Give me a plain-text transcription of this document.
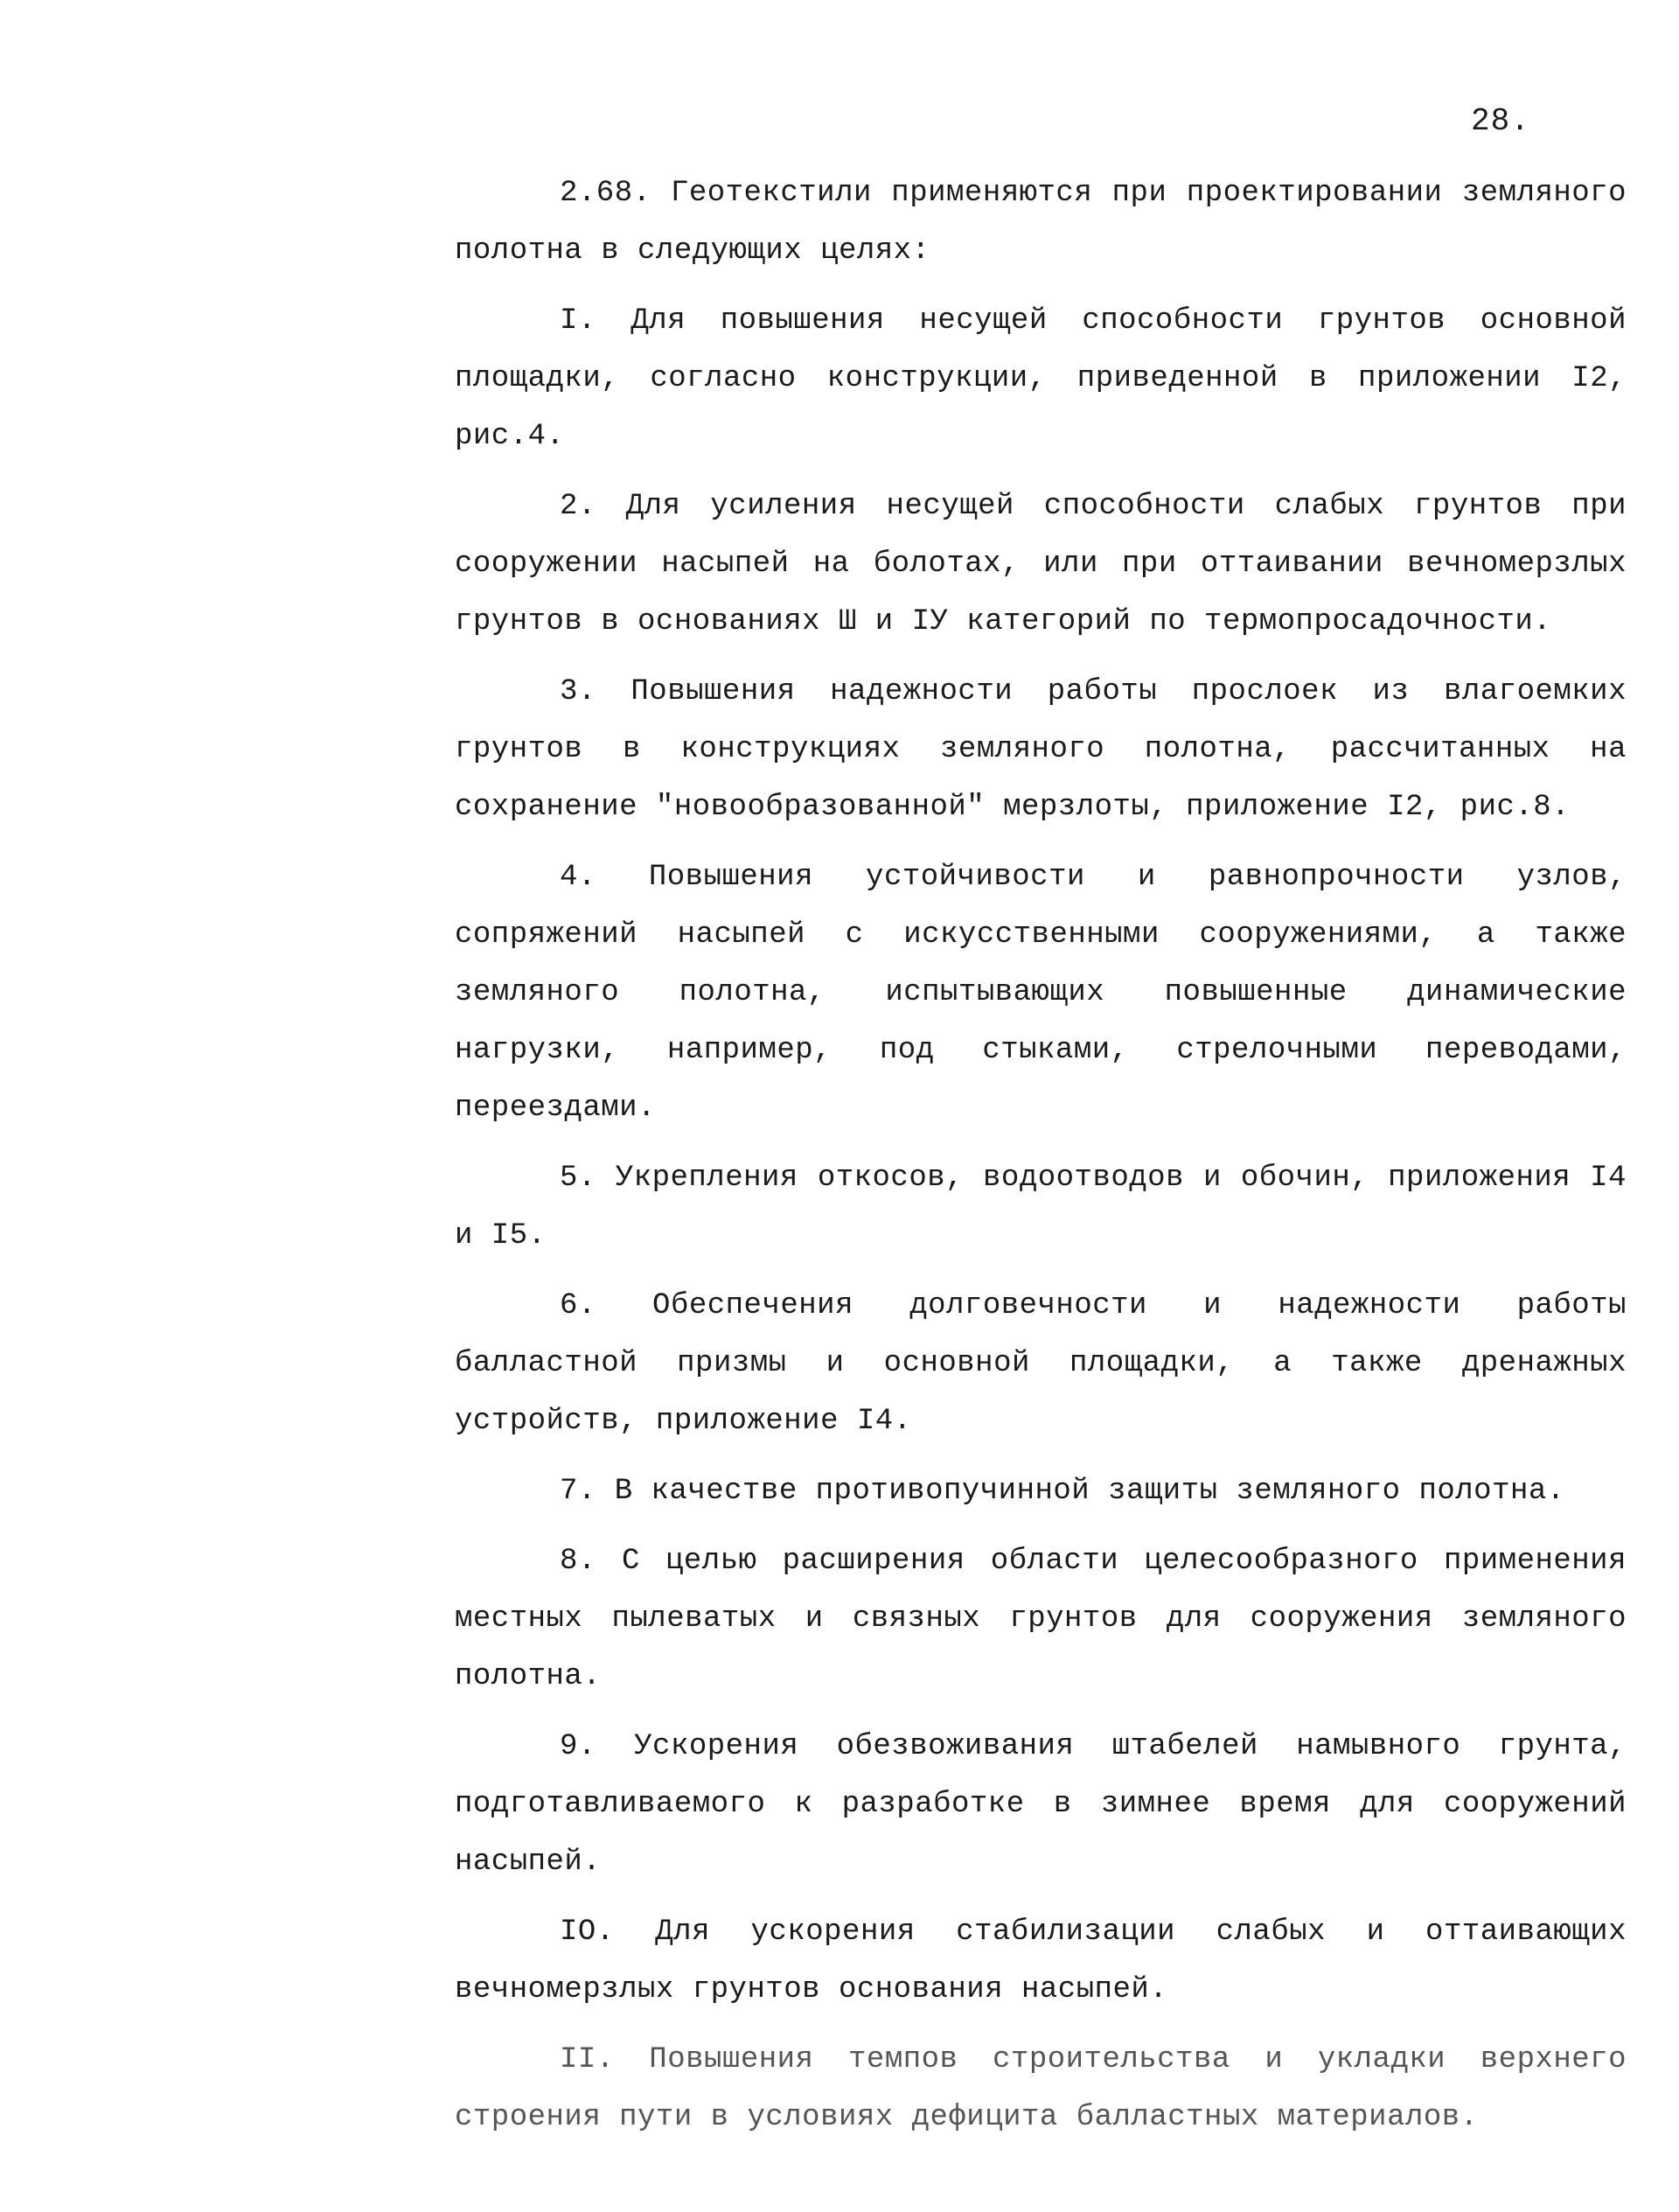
28.

2.68. Геотекстили применяются при проектировании земляного полотна в следующих целях:

I. Для повышения несущей способности грунтов основной площадки, согласно конструкции, приведенной в приложении I2, рис.4.

2. Для усиления несущей способности слабых грунтов при сооружении насыпей на болотах, или при оттаивании вечномерзлых грунтов в основаниях Ш и IУ категорий по термопросадочности.

3. Повышения надежности работы прослоек из влагоемких грунтов в конструкциях земляного полотна, рассчитанных на сохранение "новообразованной" мерзлоты, приложение I2, рис.8.

4. Повышения устойчивости и равнопрочности узлов, сопряжений насыпей с искусственными сооружениями, а также земляного полотна, испытывающих повышенные динамические нагрузки, например, под стыками, стрелочными переводами, переездами.

5. Укрепления откосов, водоотводов и обочин, приложения I4 и I5.

6. Обеспечения долговечности и надежности работы балластной призмы и основной площадки, а также дренажных устройств, приложение I4.

7. В качестве противопучинной защиты земляного полотна.

8. С целью расширения области целесообразного применения местных пылеватых и связных грунтов для сооружения земляного полотна.

9. Ускорения обезвоживания штабелей намывного грунта, подготавливаемого к разработке в зимнее время для сооружений насыпей.

IO. Для ускорения стабилизации слабых и оттаивающих вечномерзлых грунтов основания насыпей.

II. Повышения темпов строительства и укладки верхнего строения пути в условиях дефицита балластных материалов.
